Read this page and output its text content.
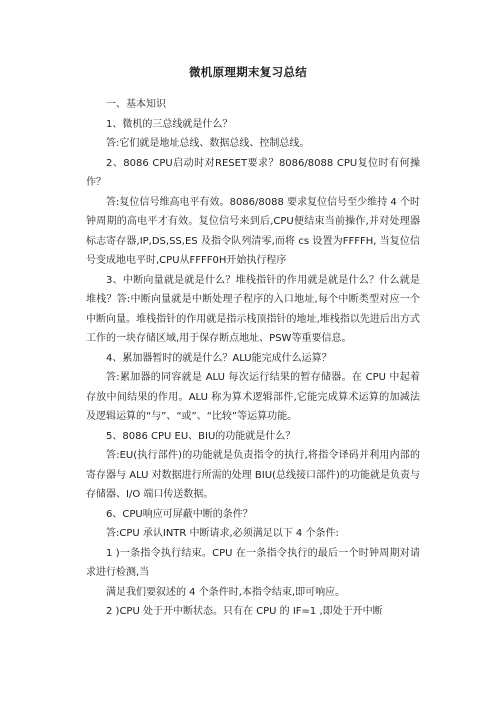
微机原理期末复习总结

一、基本知识

1、微机的三总线就是什么？

答:它们就是地址总线、数据总线、控制总线。

2、8086 CPU启动时对RESET要求？8086/8088 CPU复位时有何操作？

答:复位信号维高电平有效。8086/8088 要求复位信号至少维持 4 个时钟周期的高电平才有效。复位信号来到后,CPU便结束当前操作,并对处理器标志寄存器,IP,DS,SS,ES 及指令队列清零,而将 cs 设置为FFFFH, 当复位信号变成地电平时,CPU从FFFF0H开始执行程序

3、中断向量就是就是什么？堆栈指针的作用就是就是什么？什么就是堆栈？答:中断向量就是中断处理子程序的入口地址,每个中断类型对应一个中断向量。堆栈指针的作用就是指示栈顶指针的地址,堆栈指以先进后出方式工作的一块存储区域,用于保存断点地址、PSW等重要信息。

4、累加器暂时的就是什么？ALU能完成什么运算？

答:累加器的同容就是 ALU 每次运行结果的暂存储器。在 CPU 中起着存放中间结果的作用。ALU 称为算术逻辑部件,它能完成算术运算的加减法及逻辑运算的“与”、“或”、“比较”等运算功能。

5、8086 CPU EU、BIU的功能就是什么？

答:EU(执行部件)的功能就是负责指令的执行,将指令译码并利用内部的寄存器与 ALU 对数据进行所需的处理 BIU(总线接口部件)的功能就是负责与存储器、I/O 端口传送数据。

6、CPU响应可屏蔽中断的条件？

答:CPU 承认INTR 中断请求,必须满足以下 4 个条件:

1 )一条指令执行结束。CPU 在一条指令执行的最后一个时钟周期对请求进行检测,当

满足我们要叙述的 4 个条件时,本指令结束,即可响应。

2 )CPU 处于开中断状态。只有在 CPU 的 IF=1 ,即处于开中断
